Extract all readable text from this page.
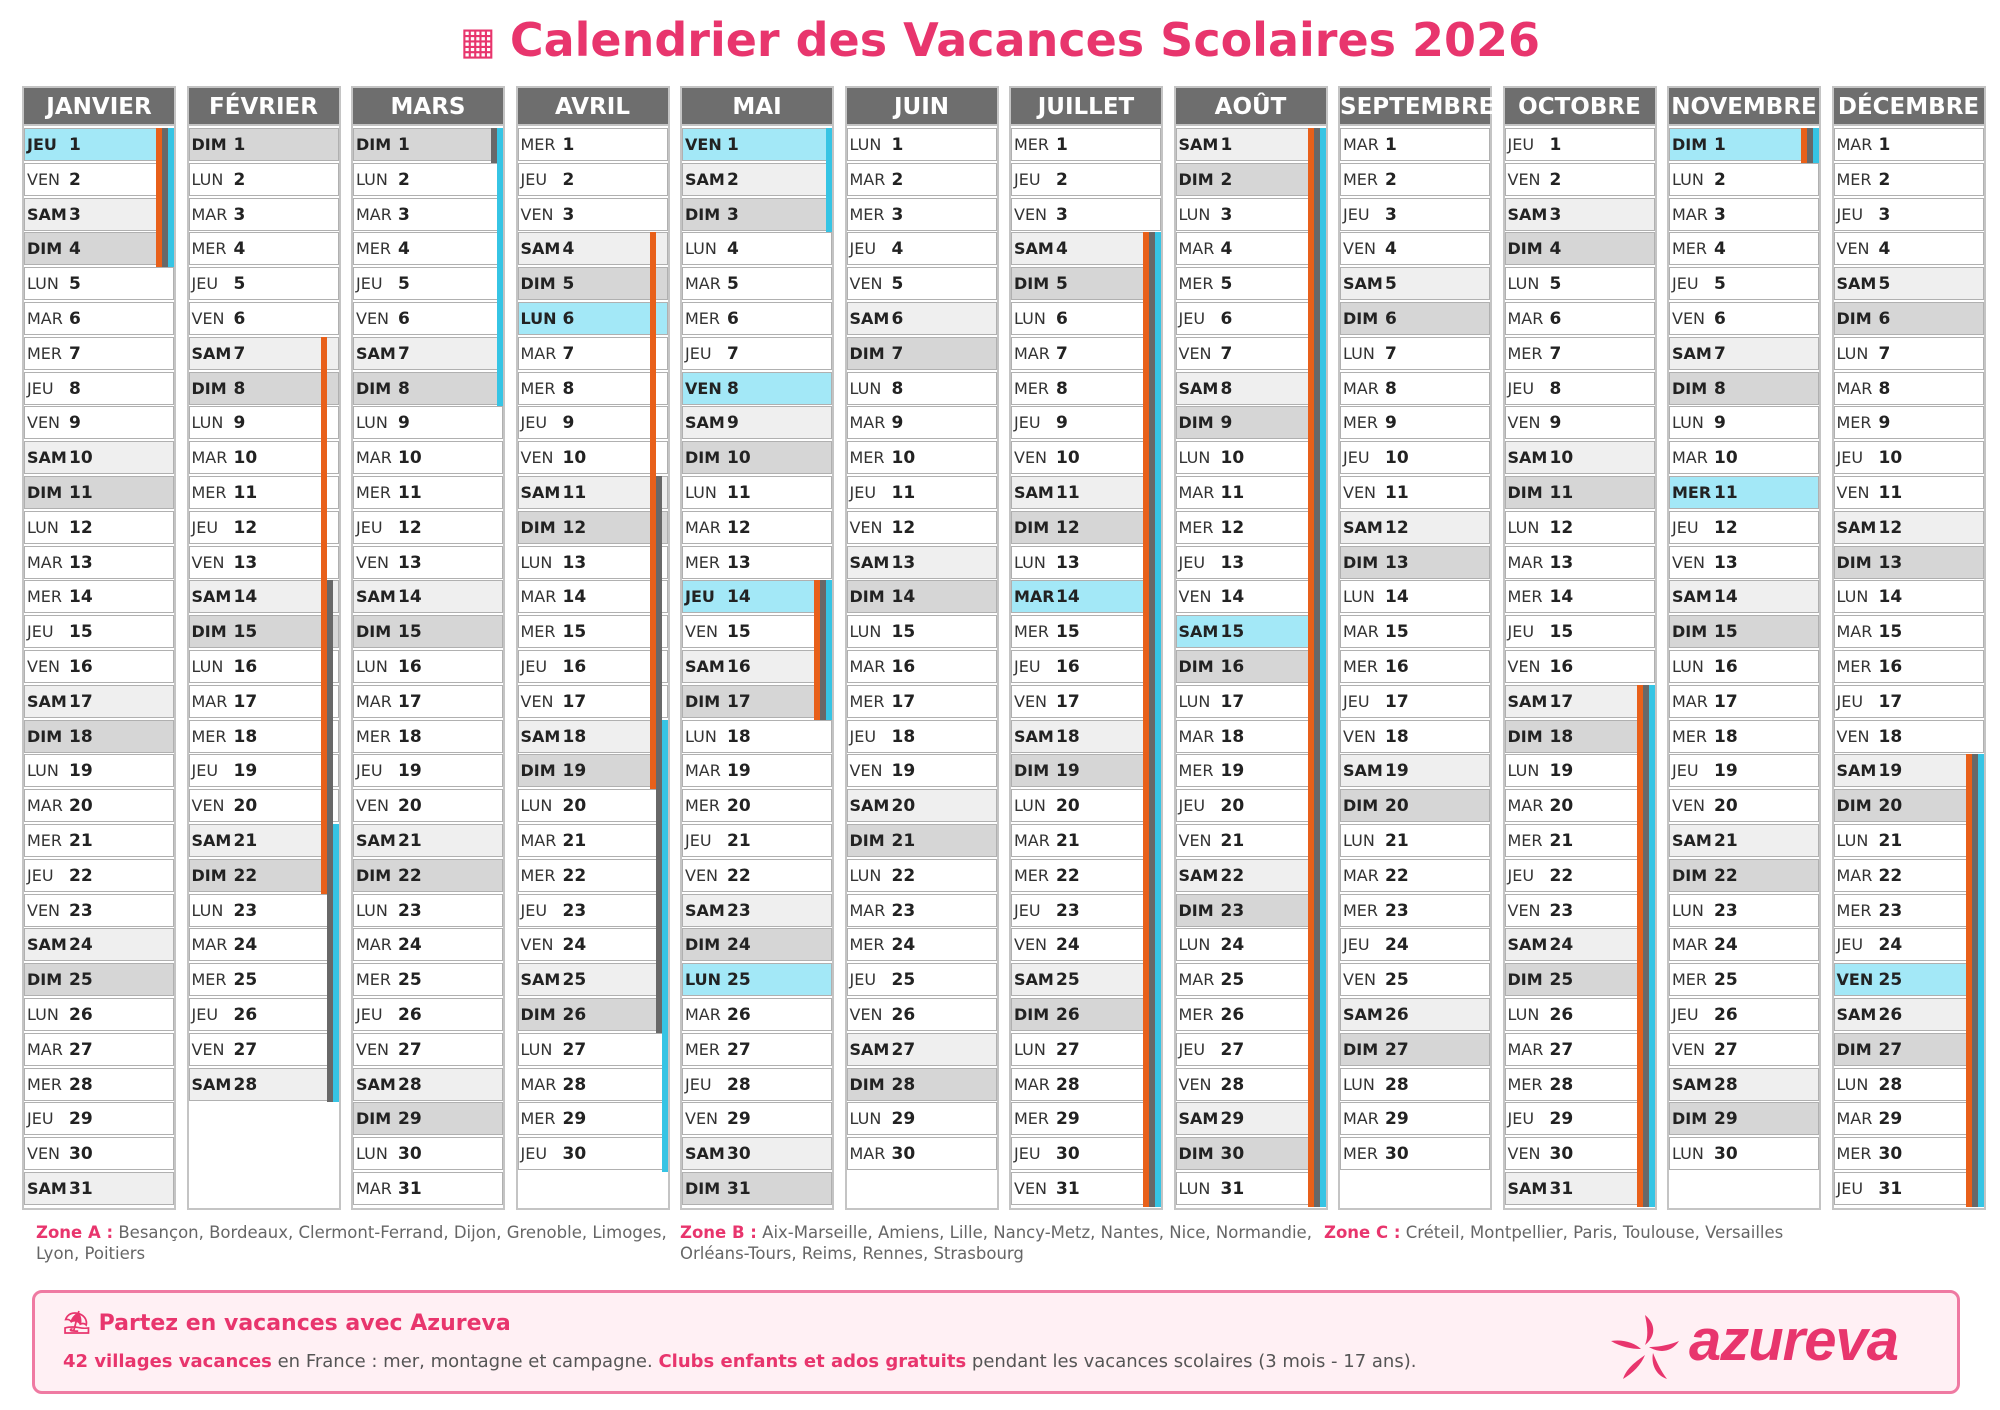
▦ Calendrier des Vacances Scolaires 2026
JANVIER
JEU 1
VEN 2
SAM 3
DIM 4
LUN 5
MAR 6
MER 7
JEU 8
VEN 9
SAM 10
DIM 11
LUN 12
MAR 13
MER 14
JEU 15
VEN 16
SAM 17
DIM 18
LUN 19
MAR 20
MER 21
JEU 22
VEN 23
SAM 24
DIM 25
LUN 26
MAR 27
MER 28
JEU 29
VEN 30
SAM 31
FÉVRIER
DIM 1
LUN 2
MAR 3
MER 4
JEU 5
VEN 6
SAM 7
DIM 8
LUN 9
MAR 10
MER 11
JEU 12
VEN 13
SAM 14
DIM 15
LUN 16
MAR 17
MER 18
JEU 19
VEN 20
SAM 21
DIM 22
LUN 23
MAR 24
MER 25
JEU 26
VEN 27
SAM 28
MARS
DIM 1
LUN 2
MAR 3
MER 4
JEU 5
VEN 6
SAM 7
DIM 8
LUN 9
MAR 10
MER 11
JEU 12
VEN 13
SAM 14
DIM 15
LUN 16
MAR 17
MER 18
JEU 19
VEN 20
SAM 21
DIM 22
LUN 23
MAR 24
MER 25
JEU 26
VEN 27
SAM 28
DIM 29
LUN 30
MAR 31
AVRIL
MER 1
JEU 2
VEN 3
SAM 4
DIM 5
LUN 6
MAR 7
MER 8
JEU 9
VEN 10
SAM 11
DIM 12
LUN 13
MAR 14
MER 15
JEU 16
VEN 17
SAM 18
DIM 19
LUN 20
MAR 21
MER 22
JEU 23
VEN 24
SAM 25
DIM 26
LUN 27
MAR 28
MER 29
JEU 30
MAI
VEN 1
SAM 2
DIM 3
LUN 4
MAR 5
MER 6
JEU 7
VEN 8
SAM 9
DIM 10
LUN 11
MAR 12
MER 13
JEU 14
VEN 15
SAM 16
DIM 17
LUN 18
MAR 19
MER 20
JEU 21
VEN 22
SAM 23
DIM 24
LUN 25
MAR 26
MER 27
JEU 28
VEN 29
SAM 30
DIM 31
JUIN
LUN 1
MAR 2
MER 3
JEU 4
VEN 5
SAM 6
DIM 7
LUN 8
MAR 9
MER 10
JEU 11
VEN 12
SAM 13
DIM 14
LUN 15
MAR 16
MER 17
JEU 18
VEN 19
SAM 20
DIM 21
LUN 22
MAR 23
MER 24
JEU 25
VEN 26
SAM 27
DIM 28
LUN 29
MAR 30
JUILLET
MER 1
JEU 2
VEN 3
SAM 4
DIM 5
LUN 6
MAR 7
MER 8
JEU 9
VEN 10
SAM 11
DIM 12
LUN 13
MAR14
MER 15
JEU 16
VEN 17
SAM 18
DIM 19
LUN 20
MAR 21
MER 22
JEU 23
VEN 24
SAM 25
DIM 26
LUN 27
MAR 28
MER 29
JEU 30
VEN 31
AOÛT
SAM 1
DIM 2
LUN 3
MAR 4
MER 5
JEU 6
VEN 7
SAM 8
DIM 9
LUN 10
MAR 11
MER 12
JEU 13
VEN 14
SAM 15
DIM 16
LUN 17
MAR 18
MER 19
JEU 20
VEN 21
SAM 22
DIM 23
LUN 24
MAR 25
MER 26
JEU 27
VEN 28
SAM 29
DIM 30
LUN 31
SEPTEMBRE
MAR 1
MER 2
JEU 3
VEN 4
SAM 5
DIM 6
LUN 7
MAR 8
MER 9
JEU 10
VEN 11
SAM 12
DIM 13
LUN 14
MAR 15
MER 16
JEU 17
VEN 18
SAM 19
DIM 20
LUN 21
MAR 22
MER 23
JEU 24
VEN 25
SAM 26
DIM 27
LUN 28
MAR 29
MER 30
OCTOBRE
JEU 1
VEN 2
SAM 3
DIM 4
LUN 5
MAR 6
MER 7
JEU 8
VEN 9
SAM 10
DIM 11
LUN 12
MAR 13
MER 14
JEU 15
VEN 16
SAM 17
DIM 18
LUN 19
MAR 20
MER 21
JEU 22
VEN 23
SAM 24
DIM 25
LUN 26
MAR 27
MER 28
JEU 29
VEN 30
SAM 31
NOVEMBRE
DIM 1
LUN 2
MAR 3
MER 4
JEU 5
VEN 6
SAM 7
DIM 8
LUN 9
MAR 10
MER 11
JEU 12
VEN 13
SAM 14
DIM 15
LUN 16
MAR 17
MER 18
JEU 19
VEN 20
SAM 21
DIM 22
LUN 23
MAR 24
MER 25
JEU 26
VEN 27
SAM 28
DIM 29
LUN 30
DÉCEMBRE
MAR 1
MER 2
JEU 3
VEN 4
SAM 5
DIM 6
LUN 7
MAR 8
MER 9
JEU 10
VEN 11
SAM 12
DIM 13
LUN 14
MAR 15
MER 16
JEU 17
VEN 18
SAM 19
DIM 20
LUN 21
MAR 22
MER 23
JEU 24
VEN 25
SAM 26
DIM 27
LUN 28
MAR 29
MER 30
JEU 31
Zone A : Besançon, Bordeaux, Clermont-Ferrand, Dijon, Grenoble, Limoges,
Lyon, Poitiers
Zone B : Aix-Marseille, Amiens, Lille, Nancy-Metz, Nantes, Nice, Normandie,
Orléans-Tours, Reims, Rennes, Strasbourg
Zone C : Créteil, Montpellier, Paris, Toulouse, Versailles
⛱ Partez en vacances avec Azureva
42 villages vacances en France : mer, montagne et campagne. Clubs enfants et ados gratuits pendant les vacances scolaires (3 mois - 17 ans).	azureva
